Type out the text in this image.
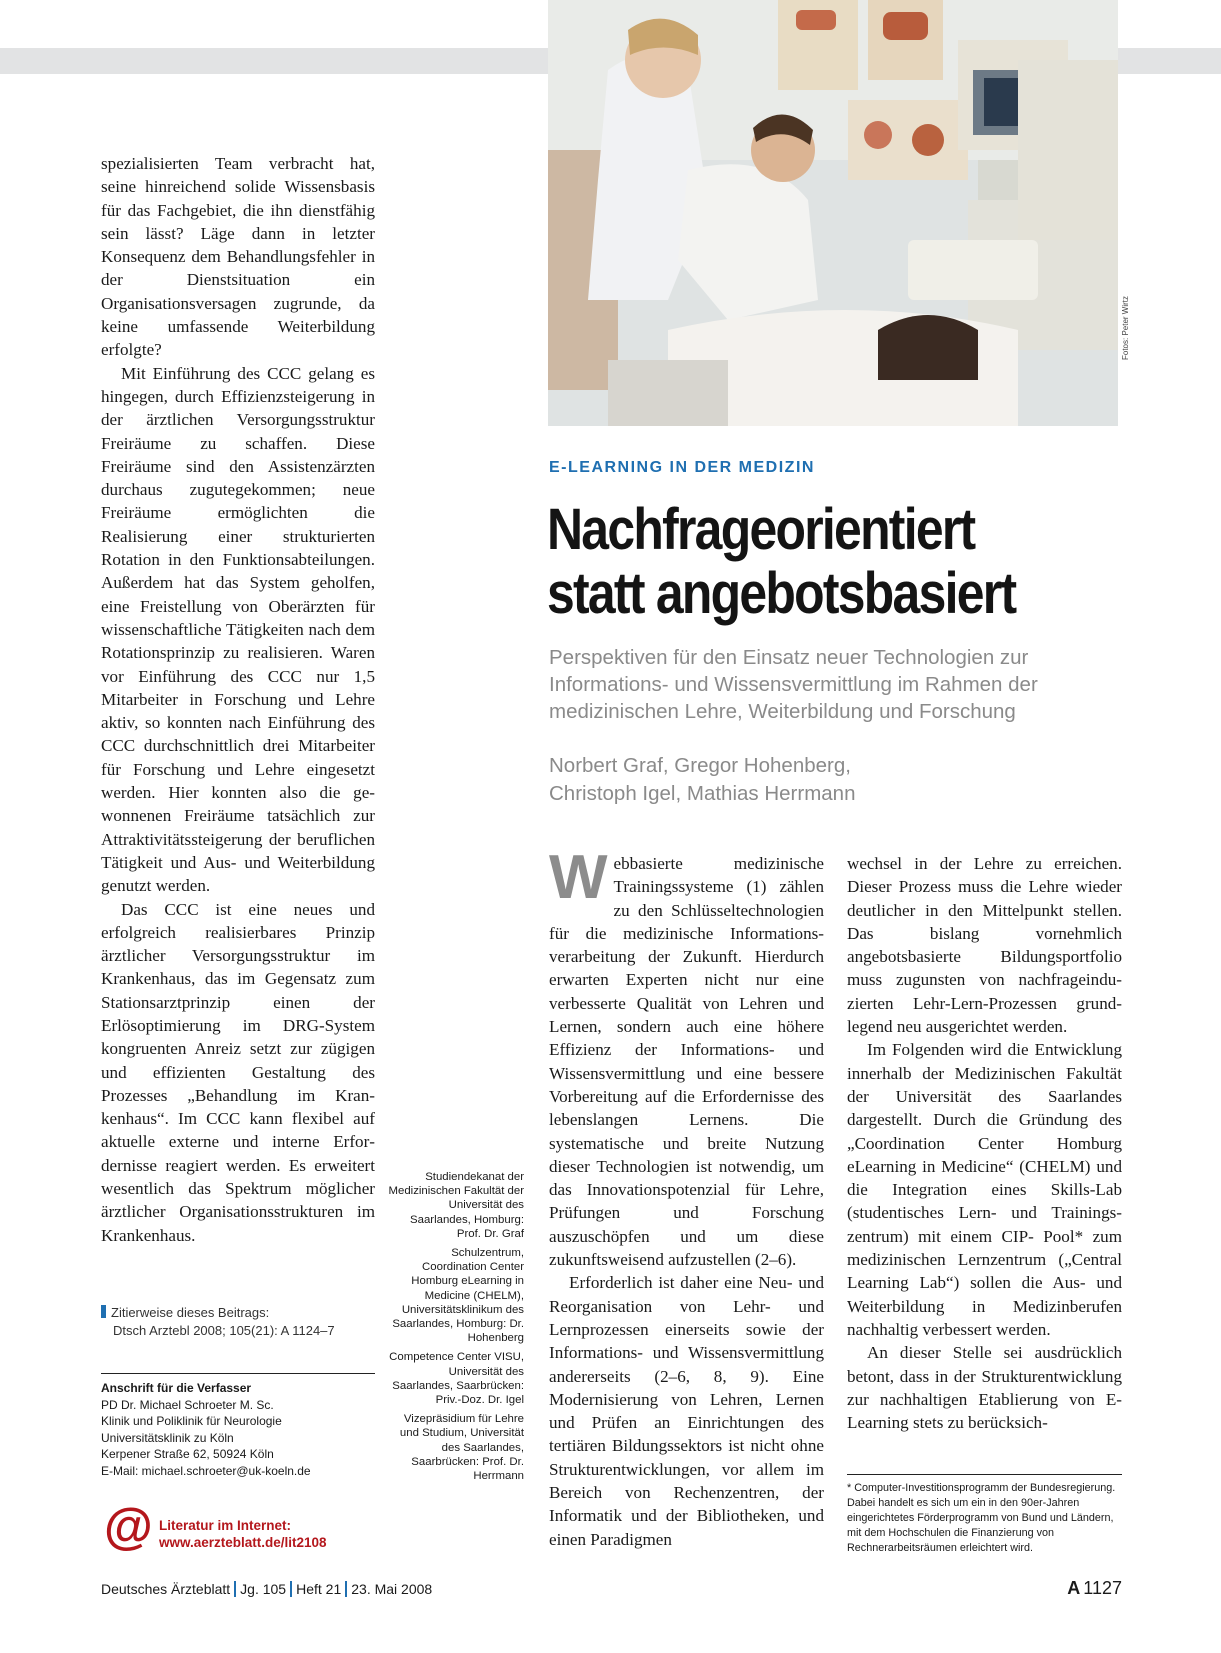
Fotos: Peter Wirtz

spezialisierten Team verbracht hat, seine hinreichend solide Wissensbasis für das Fachgebiet, die ihn dienstfähig sein lässt? Läge dann in letzter Konsequenz dem Behandlungsfehler in der Dienstsituation ein Organisationsversagen zugrunde, da keine umfassende Weiterbildung erfolgte?

Mit Einführung des CCC gelang es hingegen, durch Effizienzsteigerung in der ärztlichen Versorgungsstruktur Freiräume zu schaffen. Diese Freiräume sind den Assistenzärzten durchaus zugutegekommen; neue Freiräume ermöglichten die Realisierung einer strukturierten Rotation in den Funktionsabteilungen. Außerdem hat das System geholfen, eine Freistellung von Oberärzten für wissenschaftliche Tätigkeiten nach dem Rotationsprinzip zu realisieren. Waren vor Einführung des CCC nur 1,5 Mitarbeiter in Forschung und Lehre aktiv, so konnten nach Einführung des CCC durchschnittlich drei Mitarbeiter für Forschung und Lehre eingesetzt werden. Hier konnten also die gewonnenen Freiräume tatsächlich zur Attraktivitätssteigerung der beruflichen Tätigkeit und Aus- und Weiterbildung genutzt werden.

Das CCC ist eine neues und erfolgreich realisierbares Prinzip ärztlicher Versorgungsstruktur im Krankenhaus, das im Gegensatz zum Stationsarztprinzip einen der Erlösoptimierung im DRG-System kongruenten Anreiz setzt zur zügigen und effizienten Gestaltung des Prozesses „Behandlung im Krankenhaus“. Im CCC kann flexibel auf aktuelle externe und interne Erfordernisse reagiert werden. Es erweitert wesentlich das Spektrum möglicher ärztlicher Organisationsstrukturen im Krankenhaus.

Zitierweise dieses Beitrags:
Dtsch Arztebl 2008; 105(21): A 1124–7
Anschrift für die Verfasser
PD Dr. Michael Schroeter M. Sc.
Klinik und Poliklinik für Neurologie
Universitätsklinik zu Köln
Kerpener Straße 62, 50924 Köln
E-Mail: michael.schroeter@uk-koeln.de
@ Literatur im Internet:
www.aerzteblatt.de/lit2108
Studiendekanat der Medizinischen Fakultät der Universität des Saarlandes, Homburg: Prof. Dr. Graf
Schulzentrum, Coordination Center Homburg eLearning in Medicine (CHELM), Universitätsklinikum des Saarlandes, Homburg: Dr. Hohenberg
Competence Center VISU, Universität des Saarlandes, Saarbrücken: Priv.-Doz. Dr. Igel
Vizepräsidium für Lehre und Studium, Universität des Saarlandes, Saarbrücken: Prof. Dr. Herrmann
E-LEARNING IN DER MEDIZIN
Nachfrageorientiert
statt angebotsbasiert
Perspektiven für den Einsatz neuer Technologien zur Informations- und Wissensvermittlung im Rahmen der medizinischen Lehre, Weiterbildung und Forschung
Norbert Graf, Gregor Hohenberg,
Christoph Igel, Mathias Herrmann

Webbasierte medizinische Trainingssysteme (1) zählen zu den Schlüsseltechnologien für die medizinische Informationsverarbeitung der Zukunft. Hierdurch erwarten Experten nicht nur eine verbesserte Qualität von Lehren und Lernen, sondern auch eine höhere Effizienz der Informations- und Wissensvermittlung und eine bessere Vorbereitung auf die Erfordernisse des lebenslangen Lernens. Die systematische und breite Nutzung dieser Technologien ist notwendig, um das Innovationspotenzial für Lehre, Prüfungen und Forschung auszuschöpfen und um diese zukunftsweisend aufzustellen (2–6).

Erforderlich ist daher eine Neu- und Reorganisation von Lehr- und Lernprozessen einerseits sowie der Informations- und Wissensvermittlung andererseits (2–6, 8, 9). Eine Modernisierung von Lehren, Lernen und Prüfen an Einrichtungen des tertiären Bildungssektors ist nicht ohne Strukturentwicklungen, vor allem im Bereich von Rechenzentren, der Informatik und der Bibliotheken, und einen Paradigmen

wechsel in der Lehre zu erreichen. Dieser Prozess muss die Lehre wieder deutlicher in den Mittelpunkt stellen. Das bislang vornehmlich angebotsbasierte Bildungsportfolio muss zugunsten von nachfrageinduzierten Lehr-Lern-Prozessen grundlegend neu ausgerichtet werden.

Im Folgenden wird die Entwicklung innerhalb der Medizinischen Fakultät der Universität des Saarlandes dargestellt. Durch die Gründung des „Coordination Center Homburg eLearning in Medicine“ (CHELM) und die Integration eines Skills-Lab (studentisches Lern- und Trainingszentrum) mit einem CIP- Pool* zum medizinischen Lernzentrum („Central Learning Lab“) sollen die Aus- und Weiterbildung in Medizinberufen nachhaltig verbessert werden.

An dieser Stelle sei ausdrücklich betont, dass in der Strukturentwicklung zur nachhaltigen Etablierung von E-Learning stets zu berücksich-

* Computer-Investitionsprogramm der Bundesregierung. Dabei handelt es sich um ein in den 90er-Jahren eingerichtetes Förderprogramm von Bund und Ländern, mit dem Hochschulen die Finanzierung von Rechnerarbeitsräumen erleichtert wird.
Deutsches Ärzteblatt Jg. 105 Heft 21 23. Mai 2008	A 1127
